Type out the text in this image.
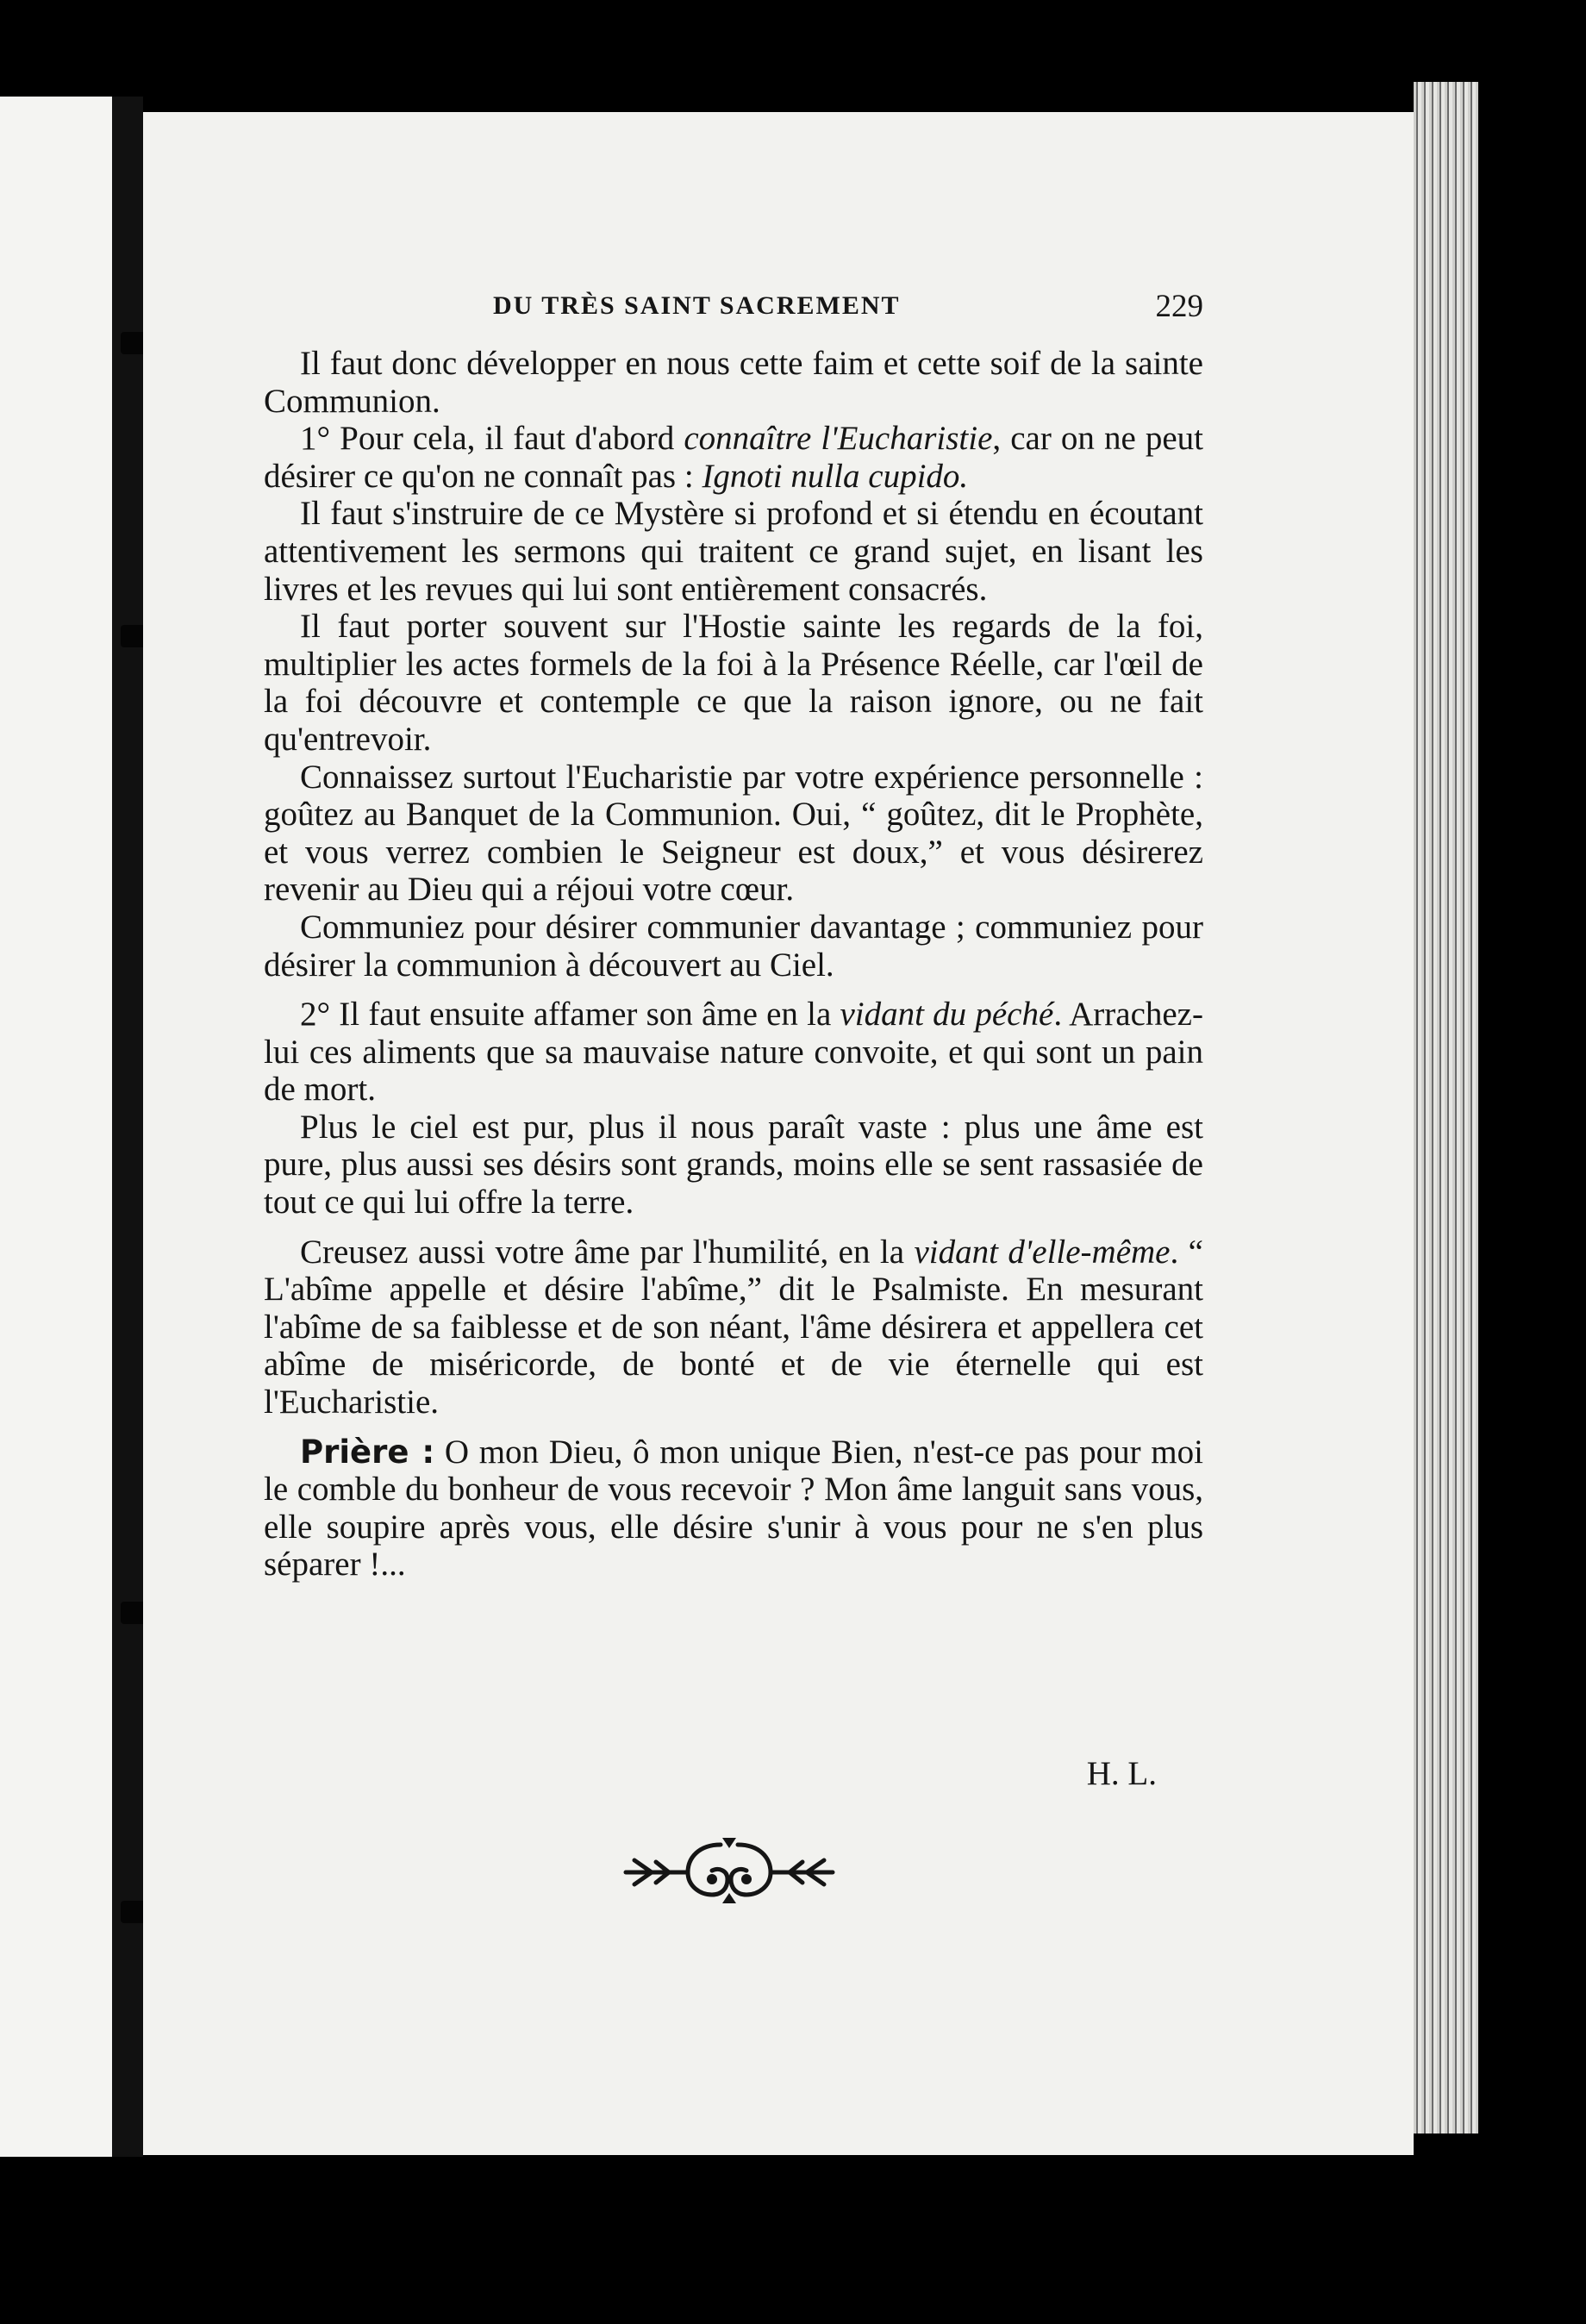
DU TRÈS SAINT SACREMENT	229

Il faut donc développer en nous cette faim et cette soif de la sainte Communion.

1° Pour cela, il faut d'abord connaître l'Eucharistie, car on ne peut désirer ce qu'on ne connaît pas : Ignoti nulla cupido.

Il faut s'instruire de ce Mystère si profond et si étendu en écoutant attentivement les sermons qui traitent ce grand sujet, en lisant les livres et les revues qui lui sont entièrement consacrés.

Il faut porter souvent sur l'Hostie sainte les regards de la foi, multiplier les actes formels de la foi à la Présence Réelle, car l'œil de la foi découvre et contemple ce que la raison ignore, ou ne fait qu'entrevoir.

Connaissez surtout l'Eucharistie par votre expérience personnelle : goûtez au Banquet de la Communion. Oui, “ goûtez, dit le Prophète, et vous verrez combien le Seigneur est doux,” et vous désirerez revenir au Dieu qui a réjoui votre cœur.

Communiez pour désirer communier davantage ; communiez pour désirer la communion à découvert au Ciel.

2° Il faut ensuite affamer son âme en la vidant du péché. Arrachez-lui ces aliments que sa mauvaise nature convoite, et qui sont un pain de mort.

Plus le ciel est pur, plus il nous paraît vaste : plus une âme est pure, plus aussi ses désirs sont grands, moins elle se sent rassasiée de tout ce qui lui offre la terre.

Creusez aussi votre âme par l'humilité, en la vidant d'elle-même. “ L'abîme appelle et désire l'abîme,” dit le Psalmiste. En mesurant l'abîme de sa faiblesse et de son néant, l'âme désirera et appellera cet abîme de miséricorde, de bonté et de vie éternelle qui est l'Eucharistie.

Prière : O mon Dieu, ô mon unique Bien, n'est-ce pas pour moi le comble du bonheur de vous recevoir ? Mon âme languit sans vous, elle soupire après vous, elle désire s'unir à vous pour ne s'en plus séparer !...

H. L.
